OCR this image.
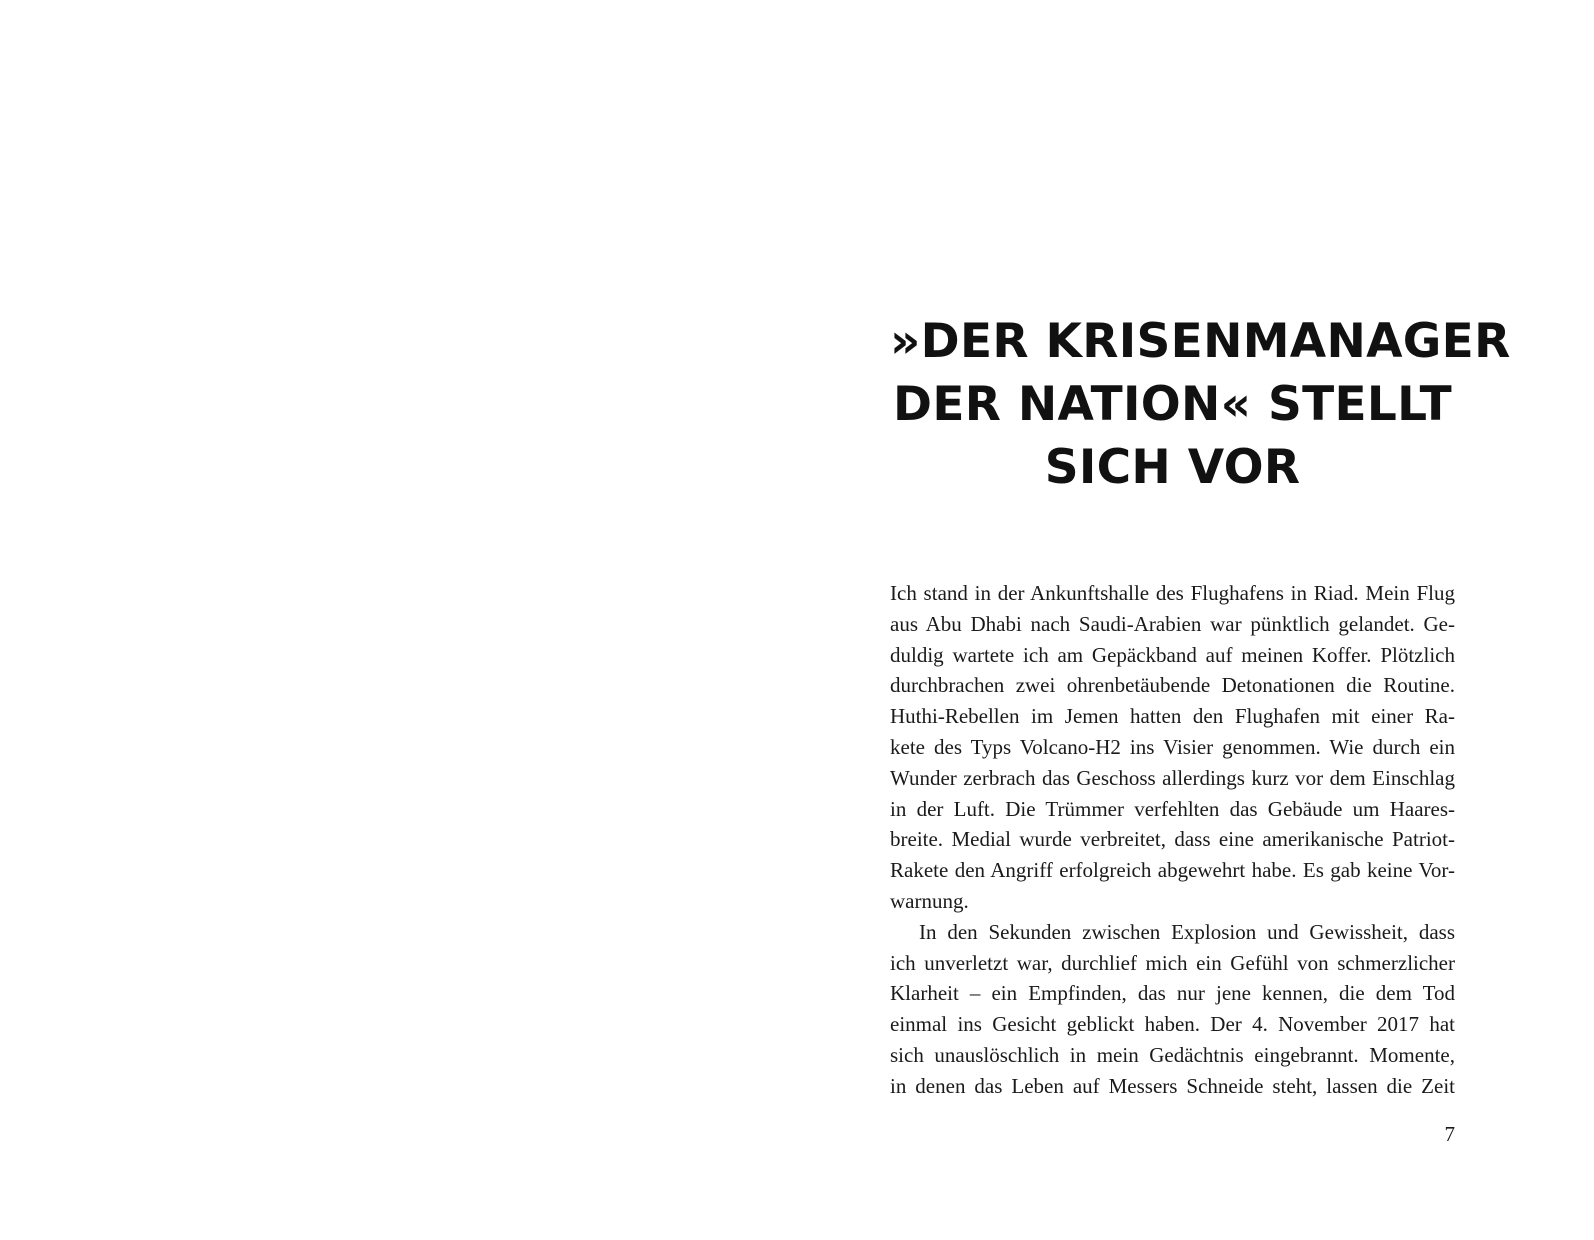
»DER KRISENMANAGER
DER NATION« STELLT
SICH VOR
Ich stand in der Ankunftshalle des Flughafens in Riad. Mein Flug
aus Abu Dhabi nach Saudi-Arabien war pünktlich gelandet. Ge-
duldig wartete ich am Gepäckband auf meinen Koffer. Plötzlich
durchbrachen zwei ohrenbetäubende Detonationen die Routine.
Huthi-Rebellen im Jemen hatten den Flughafen mit einer Ra-
kete des Typs Volcano-H2 ins Visier genommen. Wie durch ein
Wunder zerbrach das Geschoss allerdings kurz vor dem Einschlag
in der Luft. Die Trümmer verfehlten das Gebäude um Haares-
breite. Medial wurde verbreitet, dass eine amerikanische Patriot-
Rakete den Angriff erfolgreich abgewehrt habe. Es gab keine Vor-
warnung.
In den Sekunden zwischen Explosion und Gewissheit, dass
ich unverletzt war, durchlief mich ein Gefühl von schmerzlicher
Klarheit – ein Empfinden, das nur jene kennen, die dem Tod
einmal ins Gesicht geblickt haben. Der 4. November 2017 hat
sich unauslöschlich in mein Gedächtnis eingebrannt. Momente,
in denen das Leben auf Messers Schneide steht, lassen die Zeit
7
